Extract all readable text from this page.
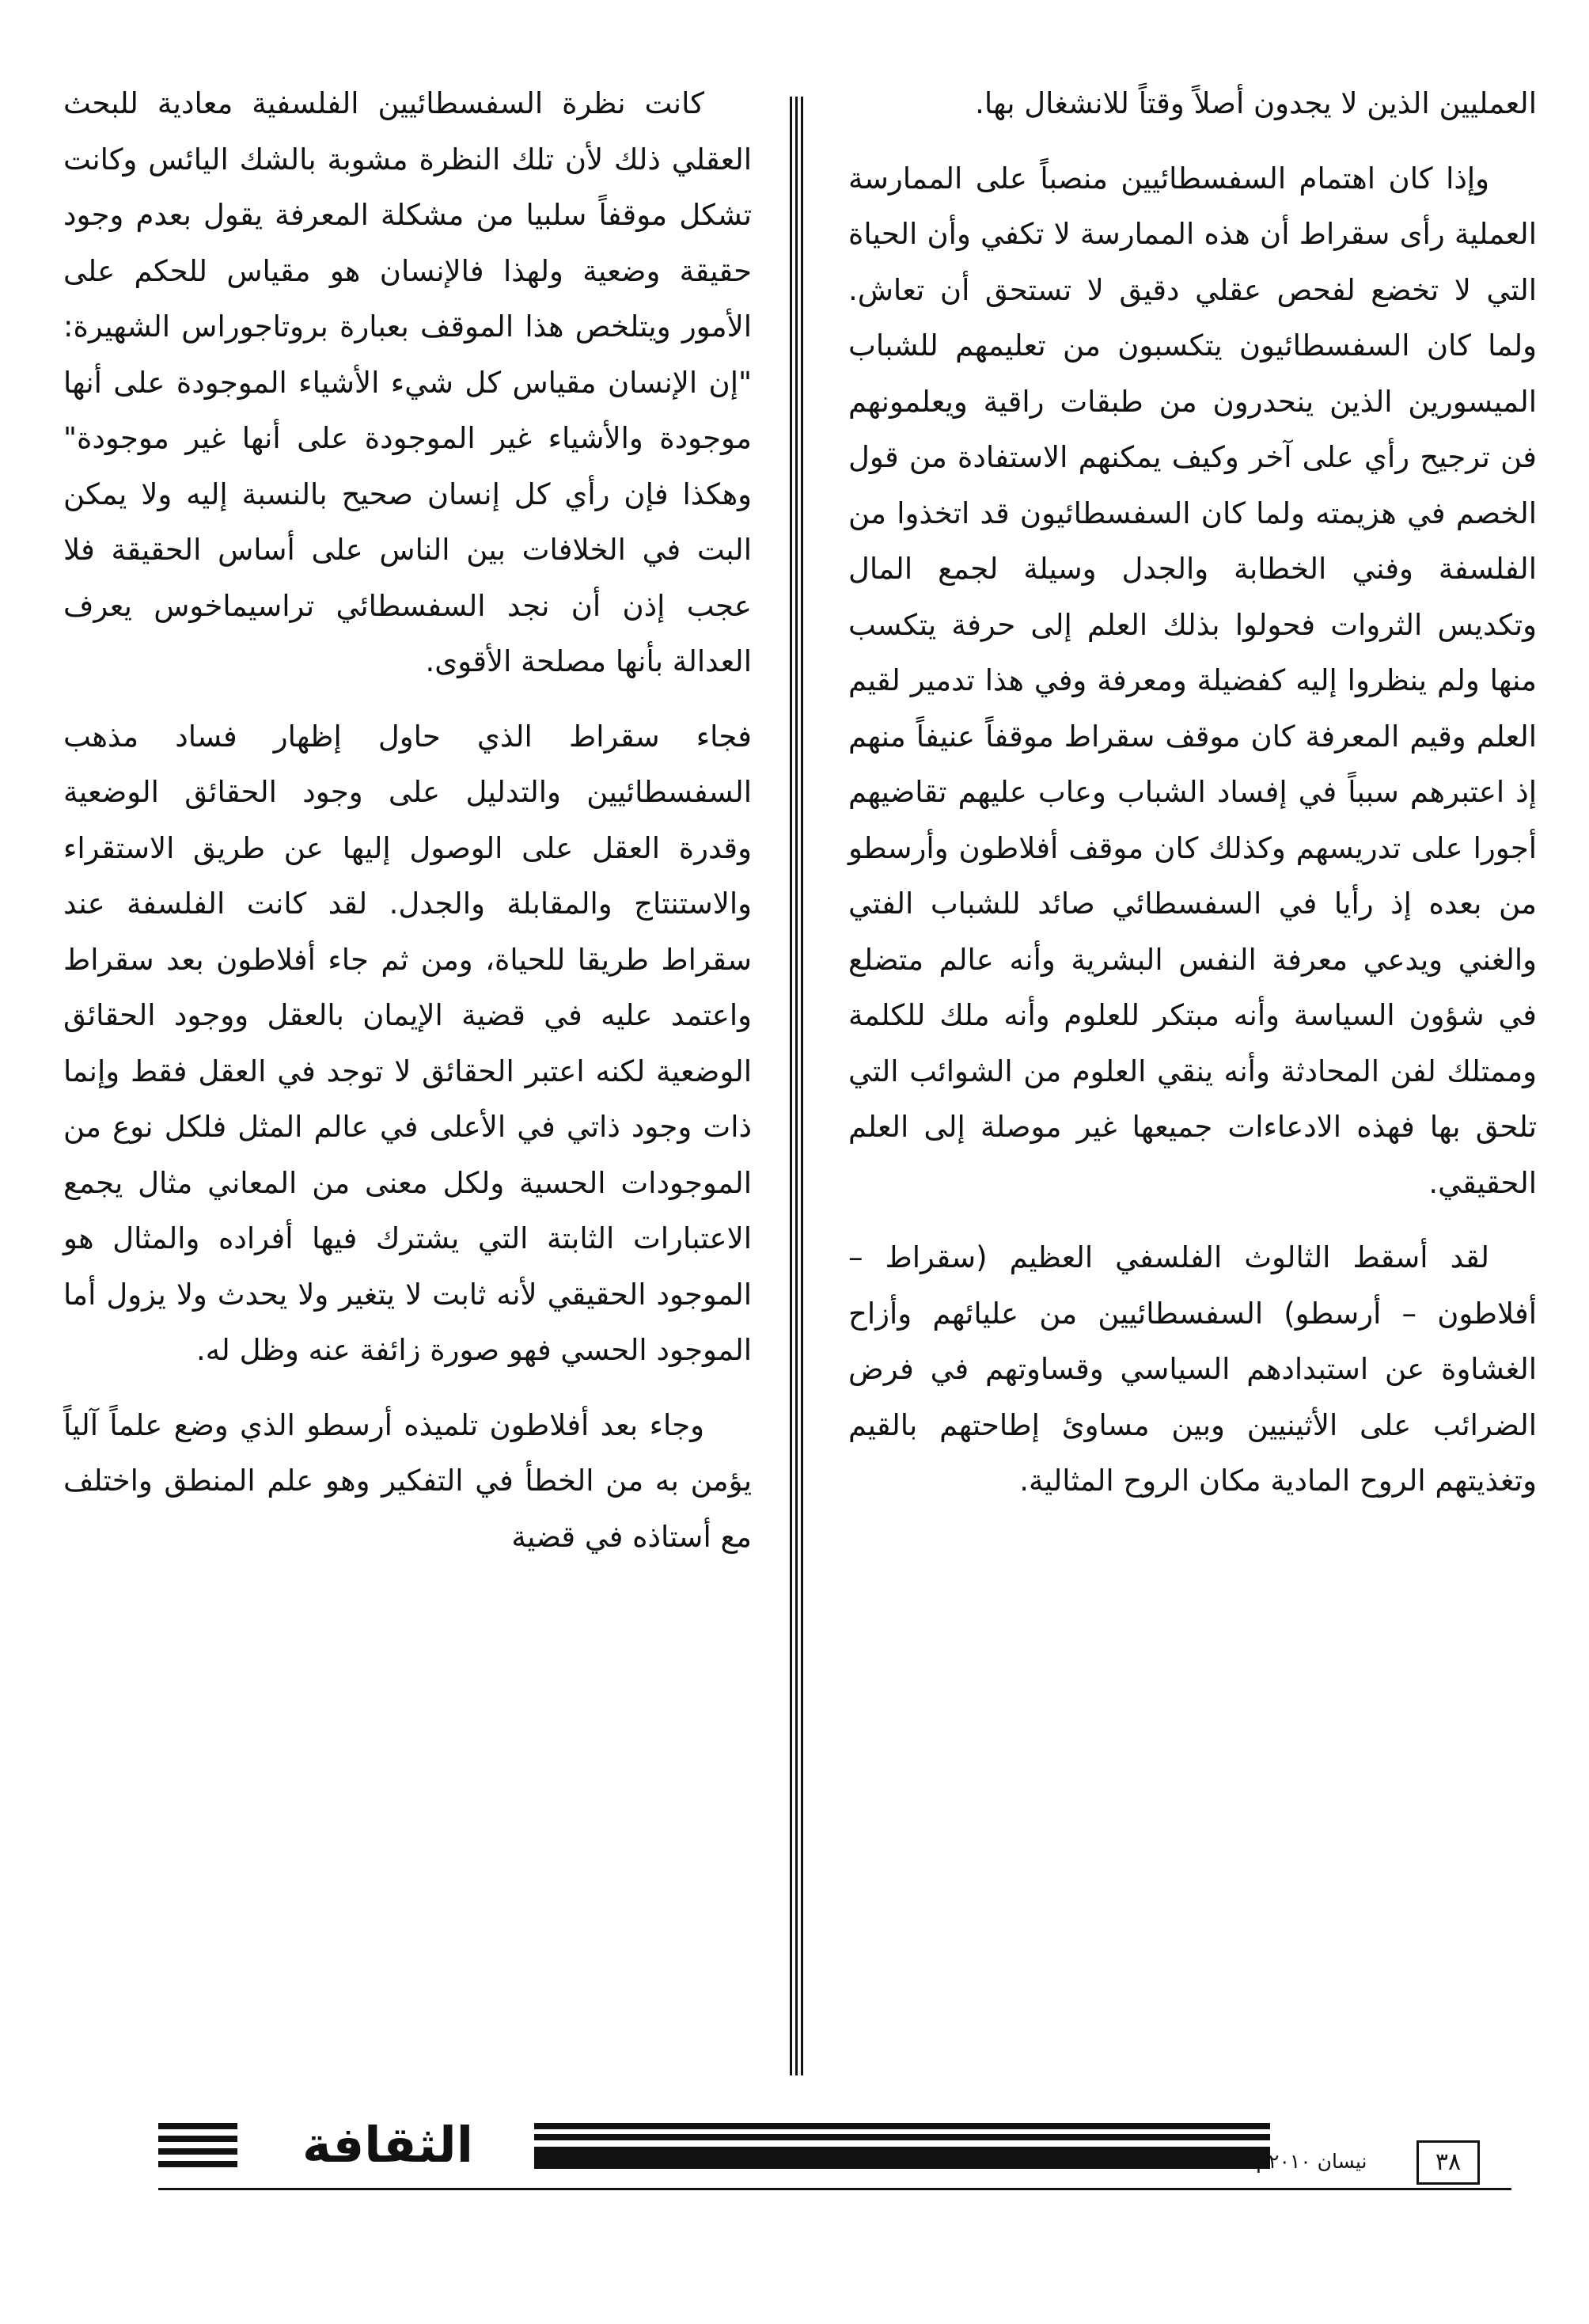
العمليين الذين لا يجدون أصلاً وقتاً للانشغال بها.

وإذا كان اهتمام السفسطائيين منصباً على الممارسة العملية رأى سقراط أن هذه الممارسة لا تكفي وأن الحياة التي لا تخضع لفحص عقلي دقيق لا تستحق أن تعاش. ولما كان السفسطائيون يتكسبون من تعليمهم للشباب الميسورين الذين ينحدرون من طبقات راقية ويعلمونهم فن ترجيح رأي على آخر وكيف يمكنهم الاستفادة من قول الخصم في هزيمته ولما كان السفسطائيون قد اتخذوا من الفلسفة وفني الخطابة والجدل وسيلة لجمع المال وتكديس الثروات فحولوا بذلك العلم إلى حرفة يتكسب منها ولم ينظروا إليه كفضيلة ومعرفة وفي هذا تدمير لقيم العلم وقيم المعرفة كان موقف سقراط موقفاً عنيفاً منهم إذ اعتبرهم سبباً في إفساد الشباب وعاب عليهم تقاضيهم أجورا على تدريسهم وكذلك كان موقف أفلاطون وأرسطو من بعده إذ رأيا في السفسطائي صائد للشباب الفتي والغني ويدعي معرفة النفس البشرية وأنه عالم متضلع في شؤون السياسة وأنه مبتكر للعلوم وأنه ملك للكلمة وممتلك لفن المحادثة وأنه ينقي العلوم من الشوائب التي تلحق بها فهذه الادعاءات جميعها غير موصلة إلى العلم الحقيقي.

لقد أسقط الثالوث الفلسفي العظيم (سقراط – أفلاطون – أرسطو) السفسطائيين من عليائهم وأزاح الغشاوة عن استبدادهم السياسي وقساوتهم في فرض الضرائب على الأثينيين وبين مساوئ إطاحتهم بالقيم وتغذيتهم الروح المادية مكان الروح المثالية.

كانت نظرة السفسطائيين الفلسفية معادية للبحث العقلي ذلك لأن تلك النظرة مشوبة بالشك اليائس وكانت تشكل موقفاً سلبيا من مشكلة المعرفة يقول بعدم وجود حقيقة وضعية ولهذا فالإنسان هو مقياس للحكم على الأمور ويتلخص هذا الموقف بعبارة بروتاجوراس الشهيرة: "إن الإنسان مقياس كل شيء الأشياء الموجودة على أنها موجودة والأشياء غير الموجودة على أنها غير موجودة" وهكذا فإن رأي كل إنسان صحيح بالنسبة إليه ولا يمكن البت في الخلافات بين الناس على أساس الحقيقة فلا عجب إذن أن نجد السفسطائي تراسيماخوس يعرف العدالة بأنها مصلحة الأقوى.

فجاء سقراط الذي حاول إظهار فساد مذهب السفسطائيين والتدليل على وجود الحقائق الوضعية وقدرة العقل على الوصول إليها عن طريق الاستقراء والاستنتاج والمقابلة والجدل. لقد كانت الفلسفة عند سقراط طريقا للحياة، ومن ثم جاء أفلاطون بعد سقراط واعتمد عليه في قضية الإيمان بالعقل ووجود الحقائق الوضعية لكنه اعتبر الحقائق لا توجد في العقل فقط وإنما ذات وجود ذاتي في الأعلى في عالم المثل فلكل نوع من الموجودات الحسية ولكل معنى من المعاني مثال يجمع الاعتبارات الثابتة التي يشترك فيها أفراده والمثال هو الموجود الحقيقي لأنه ثابت لا يتغير ولا يحدث ولا يزول أما الموجود الحسي فهو صورة زائفة عنه وظل له.

وجاء بعد أفلاطون تلميذه أرسطو الذي وضع علماً آلياً يؤمن به من الخطأ في التفكير وهو علم المنطق واختلف مع أستاذه في قضية

الثقافة	نيسان ٢٠١٠م	٣٨
